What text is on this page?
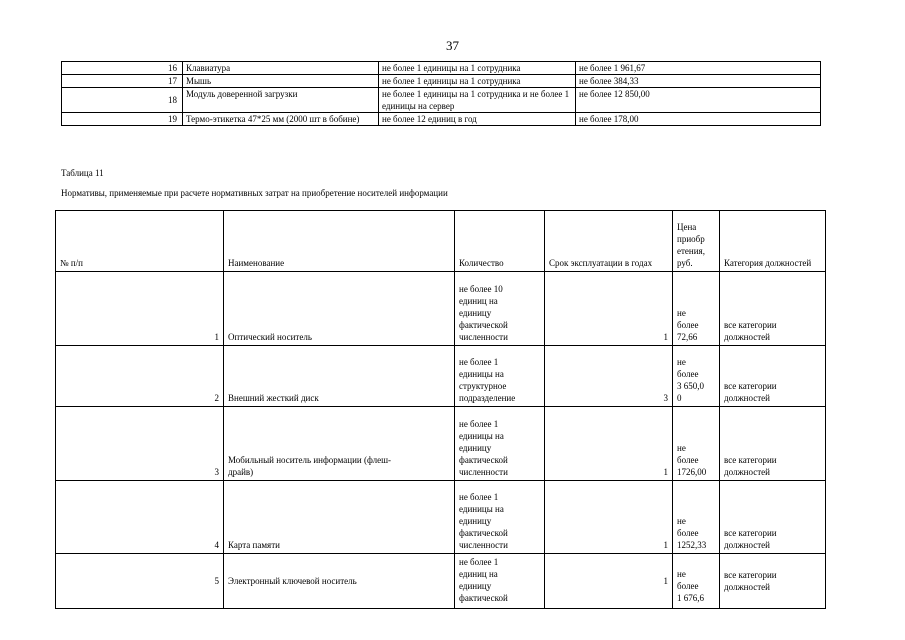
37
16	Клавиатура	не более 1 единицы на 1 сотрудника	не более 1 961,67
17	Мышь	не более 1 единицы на 1 сотрудника	не более 384,33
18	Модуль доверенной загрузки	не более 1 единицы на 1 сотрудника и не более 1 единицы на сервер	не более 12 850,00
19	Термо-этикетка 47*25 мм (2000 шт в бобине)	не более 12 единиц в год	не более 178,00
Таблица 11
Нормативы, применяемые при расчете нормативных затрат на приобретение носителей информации
№ п/п	Наименование	Количество	Срок эксплуатации в годах	Цена
приобр
етения,
руб.	Категория должностей
1	Оптический носитель	не более 10
единиц на
единицу
фактической
численности	1	не
более
72,66	все категории
должностей
2	Внешний жесткий диск	не более 1
единицы на
структурное
подразделение	3	не
более
3 650,0
0	все категории
должностей
3	Мобильный носитель информации (флеш-
драйв)	не более 1
единицы на
единицу
фактической
численности	1	не
более
1726,00	все категории
должностей
4	Карта памяти	не более 1
единицы на
единицу
фактической
численности	1	не
более
1252,33	все категории
должностей
5	Электронный ключевой носитель	не более 1
единиц на
единицу
фактической	1	не
более
1 676,6	все категории
должностей
